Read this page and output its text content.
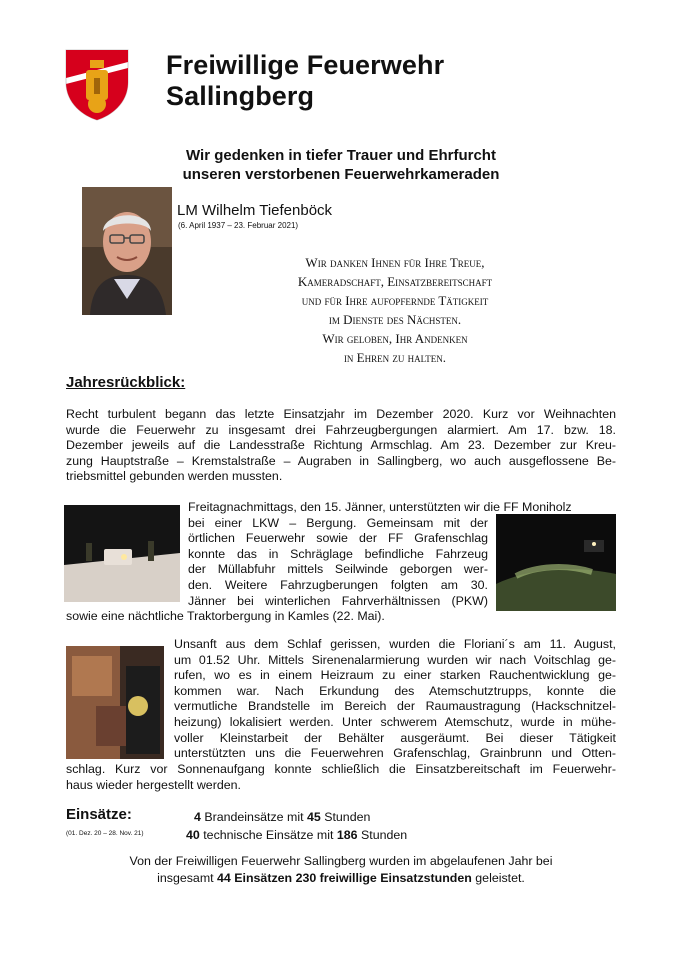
Freiwillige Feuerwehr
Sallingberg
Wir gedenken in tiefer Trauer und Ehrfurcht
unseren verstorbenen Feuerwehrkameraden
LM Wilhelm Tiefenböck
(6. April 1937 – 23. Februar 2021)
Wir danken Ihnen für Ihre Treue,
Kameradschaft, Einsatzbereitschaft
und für Ihre aufopfernde Tätigkeit
im Dienste des Nächsten.
Wir geloben, Ihr Andenken
in Ehren zu halten.
Jahresrückblick:
Recht turbulent begann das letzte Einsatzjahr im Dezember 2020. Kurz vor Weihnachten
wurde die Feuerwehr zu insgesamt drei Fahrzeugbergungen alarmiert. Am 17. bzw. 18.
Dezember jeweils auf die Landesstraße Richtung Armschlag. Am 23. Dezember zur Kreu-
zung Hauptstraße – Kremstalstraße – Augraben in Sallingberg, wo auch ausgeflossene Be-
triebsmittel gebunden werden mussten.
Freitagnachmittags, den 15. Jänner, unterstützten wir die FF Moniholz
bei einer LKW – Bergung. Gemeinsam mit der
örtlichen Feuerwehr sowie der FF Grafenschlag
konnte das in Schräglage befindliche Fahrzeug
der Müllabfuhr mittels Seilwinde geborgen wer-
den. Weitere Fahrzugberungen folgten am 30.
Jänner bei winterlichen Fahrverhältnissen (PKW)
sowie eine nächtliche Traktorbergung in Kamles (22. Mai).
Unsanft aus dem Schlaf gerissen, wurden die Floriani´s am 11. August,
um 01.52 Uhr. Mittels Sirenenalarmierung wurden wir nach Voitschlag ge-
rufen, wo es in einem Heizraum zu einer starken Rauchentwicklung ge-
kommen war. Nach Erkundung des Atemschutztrupps, konnte die
vermutliche Brandstelle im Bereich der Raumaustragung (Hackschnitzel-
heizung) lokalisiert werden. Unter schwerem Atemschutz, wurde in mühe-
voller Kleinstarbeit der Behälter ausgeräumt. Bei dieser Tätigkeit
unterstützten uns die Feuerwehren Grafenschlag, Grainbrunn und Otten-
schlag. Kurz vor Sonnenaufgang konnte schließlich die Einsatzbereitschaft im Feuerwehr-
haus wieder hergestellt werden.
Einsätze:
(01. Dez. 20 – 28. Nov. 21)
4 Brandeinsätze mit 45 Stunden
40 technische Einsätze mit 186 Stunden
Von der Freiwilligen Feuerwehr Sallingberg wurden im abgelaufenen Jahr bei
insgesamt 44 Einsätzen 230 freiwillige Einsatzstunden geleistet.
